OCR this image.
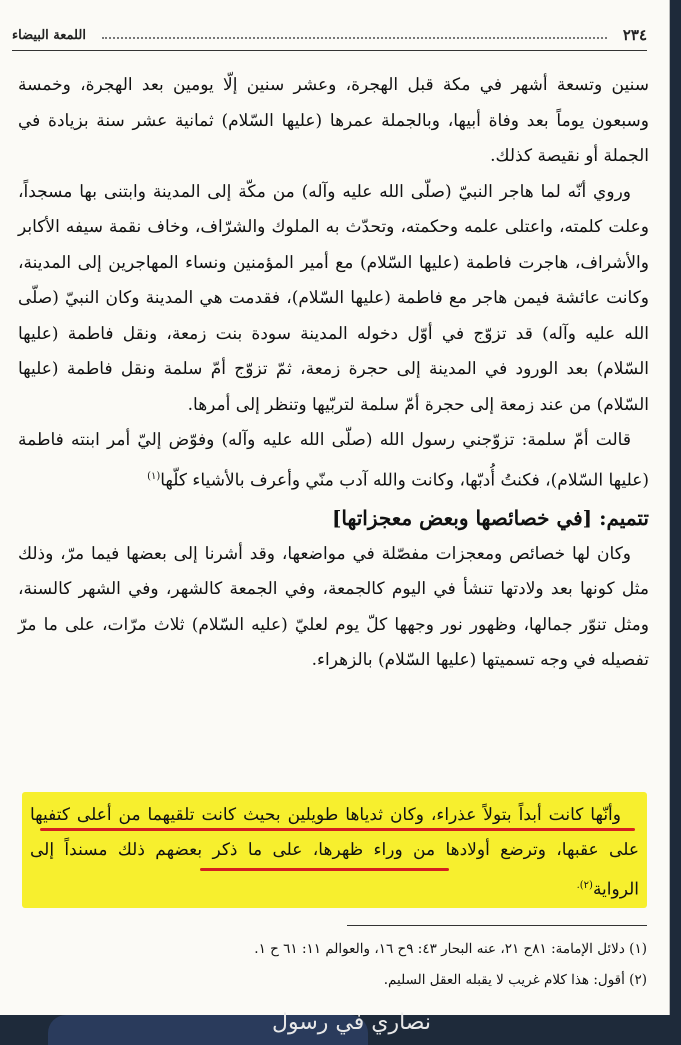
٢٣٤
اللمعة البيضاء

سنين وتسعة أشهر في مكة قبل الهجرة، وعشر سنين إلّا يومين بعد الهجرة، وخمسة وسبعون يوماً بعد وفاة أبيها، وبالجملة عمرها (عليها السّلام) ثمانية عشر سنة بزيادة في الجملة أو نقيصة كذلك.

وروي أنّه لما هاجر النبيّ (صلّى الله عليه وآله) من مكّة إلى المدينة وابتنى بها مسجداً، وعلت كلمته، واعتلى علمه وحكمته، وتحدّث به الملوك والشرّاف، وخاف نقمة سيفه الأكابر والأشراف، هاجرت فاطمة (عليها السّلام) مع أمير المؤمنين ونساء المهاجرين إلى المدينة، وكانت عائشة فيمن هاجر مع فاطمة (عليها السّلام)، فقدمت هي المدينة وكان النبيّ (صلّى الله عليه وآله) قد تزوّج في أوّل دخوله المدينة سودة بنت زمعة، ونقل فاطمة (عليها السّلام) بعد الورود في المدينة إلى حجرة زمعة، ثمّ تزوّج أمّ سلمة ونقل فاطمة (عليها السّلام) من عند زمعة إلى حجرة أمّ سلمة لتربّيها وتنظر إلى أمرها.

قالت أمّ سلمة: تزوّجني رسول الله (صلّى الله عليه وآله) وفوّض إليّ أمر ابنته فاطمة (عليها السّلام)، فكنتُ أُدبّها، وكانت والله آدب منّي وأعرف بالأشياء كلّها$^{(١)}$

تتميم: [في خصائصها وبعض معجزاتها]

وكان لها خصائص ومعجزات مفصّلة في مواضعها، وقد أشرنا إلى بعضها فيما مرّ، وذلك مثل كونها بعد ولادتها تنشأ في اليوم كالجمعة، وفي الجمعة كالشهر، وفي الشهر كالسنة، ومثل تنوّر جمالها، وظهور نور وجهها كلّ يوم لعليّ (عليه السّلام) ثلاث مرّات، على ما مرّ تفصيله في وجه تسميتها (عليها السّلام) بالزهراء.

وأنّها كانت أبداً بتولاً عذراء، وكان ثدياها طويلين بحيث كانت تلقيهما من أعلى كتفيها على عقبها، وترضع أولادها من وراء ظهرها، على ما ذكر بعضهم ذلك مسنداً إلى الرواية$^{(٢).}$

(١) دلائل الإمامة: ٨١ح ٢١، عنه البحار ٤٣: ٩ح ١٦، والعوالم ١١: ٦١ ح ١.

(٢) أقول: هذا كلام غريب لا يقبله العقل السليم.

نصاري في رسول
